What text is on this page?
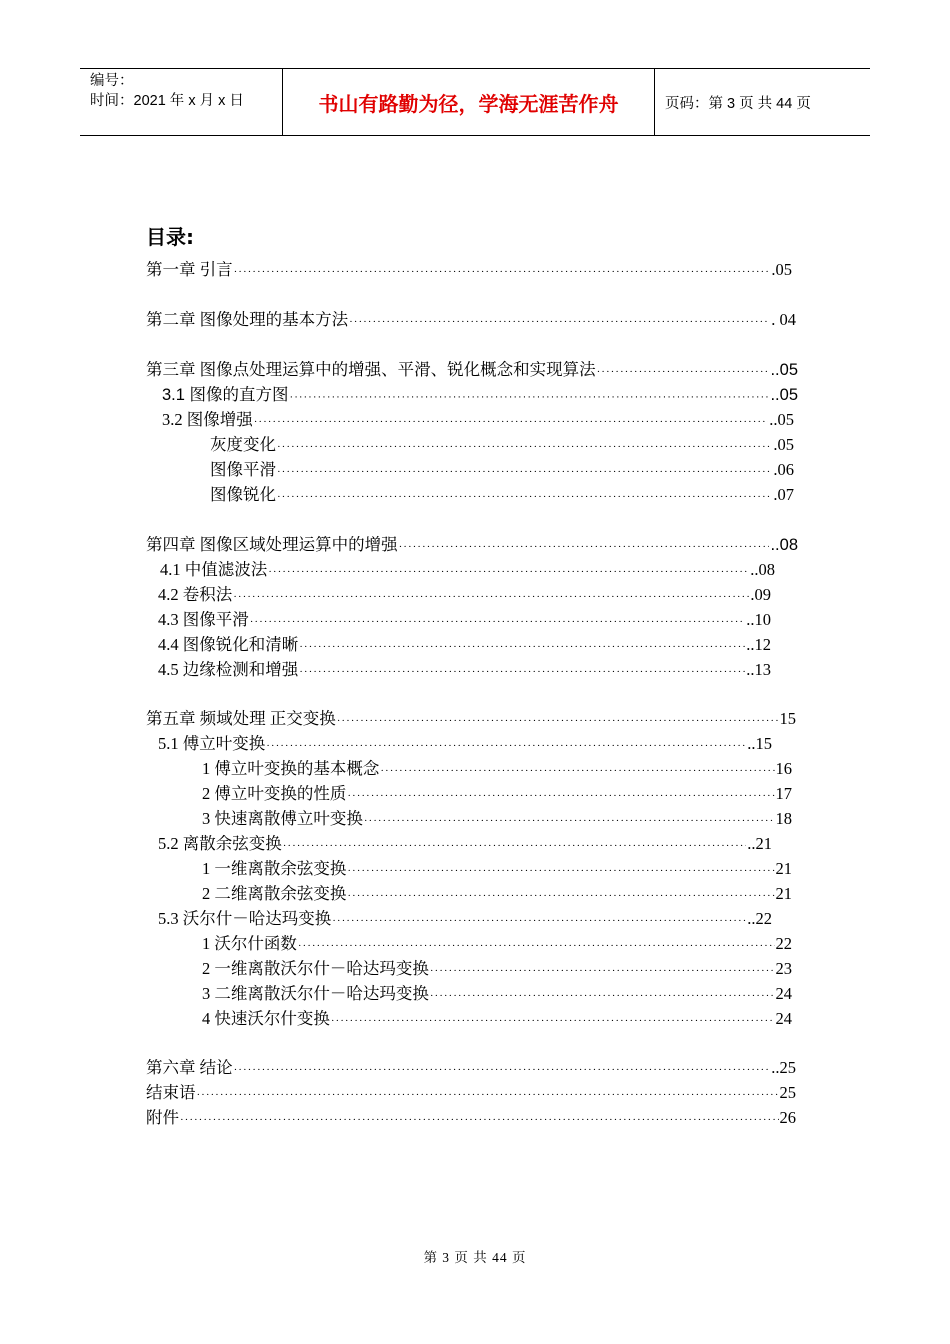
编号：
时间：2021 年 x 月 x 日	书山有路勤为径，学海无涯苦作舟	页码：第 3 页 共 44 页
目录:
第一章 引言 ·····	.05
第二章 图像处理的基本方法 ·····	. 04
第三章 图像点处理运算中的增强、平滑、锐化概念和实现算法 ·····	..05
3.1 图像的直方图 ·····	..05
3.2 图像增强 ·····	..05
灰度变化 ·····	.05
图像平滑 ·····	.06
图像锐化 ·····	.07
第四章 图像区域处理运算中的增强 ·····	..08
4.1 中值滤波法 ·····	..08
4.2 卷积法 ·····	.09
4.3 图像平滑 ·····	..10
4.4 图像锐化和清晰 ·····	..12
4.5 边缘检测和增强 ·····	..13
第五章 频域处理 正交变换 ·····	15
5.1 傅立叶变换 ·····	..15
1 傅立叶变换的基本概念 ·····	16
2 傅立叶变换的性质 ·····	17
3 快速离散傅立叶变换 ·····	18
5.2 离散余弦变换 ·····	..21
1 一维离散余弦变换 ·····	21
2 二维离散余弦变换 ·····	21
5.3 沃尔什－哈达玛变换 ·····	..22
1 沃尔什函数 ·····	22
2 一维离散沃尔什－哈达玛变换 ·····	23
3 二维离散沃尔什－哈达玛变换 ·····	24
4 快速沃尔什变换 ·····	24
第六章 结论 ·····	..25
结束语 ·····	25
附件 ·····	26
第 3 页 共 44 页
